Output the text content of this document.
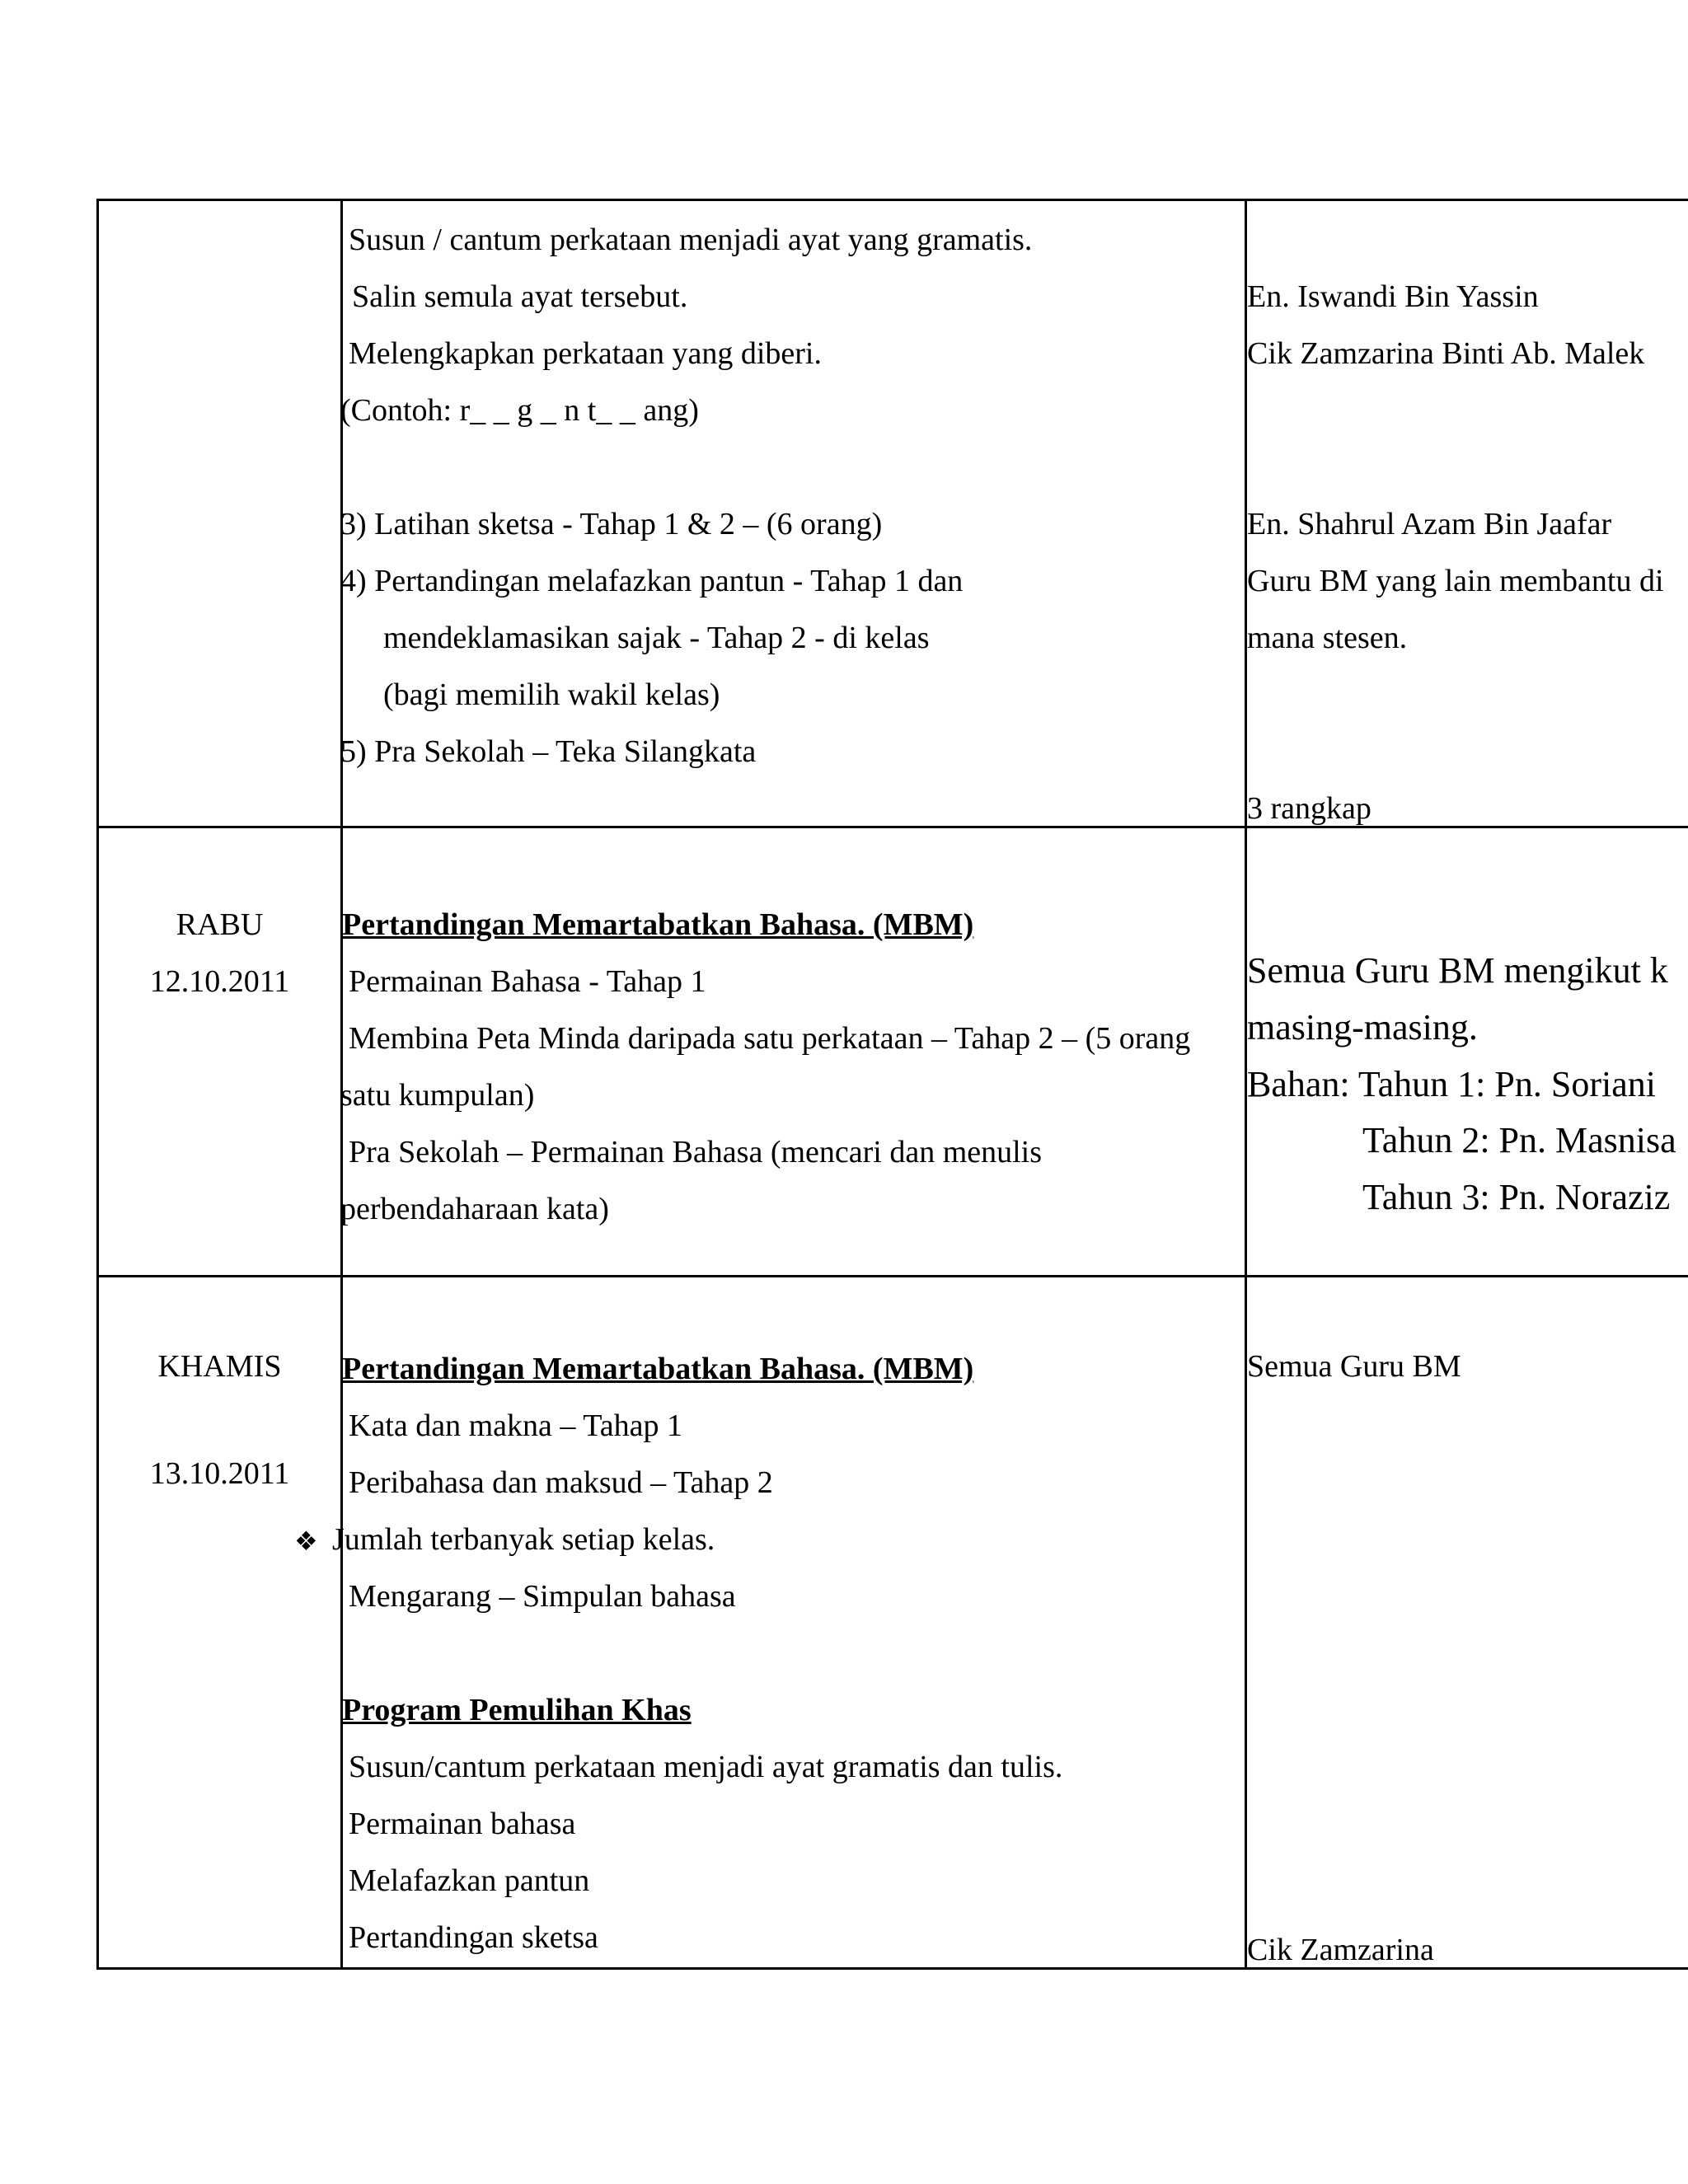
Susun / cantum perkataan menjadi ayat yang gramatis.
Salin semula ayat tersebut.
Melengkapkan perkataan yang diberi.
(Contoh: r_ _ g _ n t_ _ ang)
3) Latihan sketsa - Tahap 1 & 2 – (6 orang)
4) Pertandingan melafazkan pantun - Tahap 1 dan
mendeklamasikan sajak - Tahap 2 - di kelas
(bagi memilih wakil kelas)
5) Pra Sekolah – Teka Silangkata
En. Iswandi Bin Yassin
Cik Zamzarina Binti Ab. Malek
En. Shahrul Azam Bin Jaafar
Guru BM yang lain membantu di
mana stesen.
3 rangkap
RABU
12.10.2011
Pertandingan Memartabatkan Bahasa. (MBM)
Permainan Bahasa - Tahap 1
Membina Peta Minda daripada satu perkataan – Tahap 2 – (5 orang
satu kumpulan)
Pra Sekolah – Permainan Bahasa (mencari dan menulis
perbendaharaan kata)
Semua Guru BM mengikut k
masing-masing.
Bahan: Tahun 1: Pn. Soriani
Tahun 2: Pn. Masnisa
Tahun 3: Pn. Noraziz
KHAMIS
13.10.2011
Pertandingan Memartabatkan Bahasa. (MBM)
Kata dan makna – Tahap 1
Peribahasa dan maksud – Tahap 2
❖ Jumlah terbanyak setiap kelas.
Mengarang – Simpulan bahasa
Program Pemulihan Khas
Susun/cantum perkataan menjadi ayat gramatis dan tulis.
Permainan bahasa
Melafazkan pantun
Pertandingan sketsa
Semua Guru BM
Cik Zamzarina
